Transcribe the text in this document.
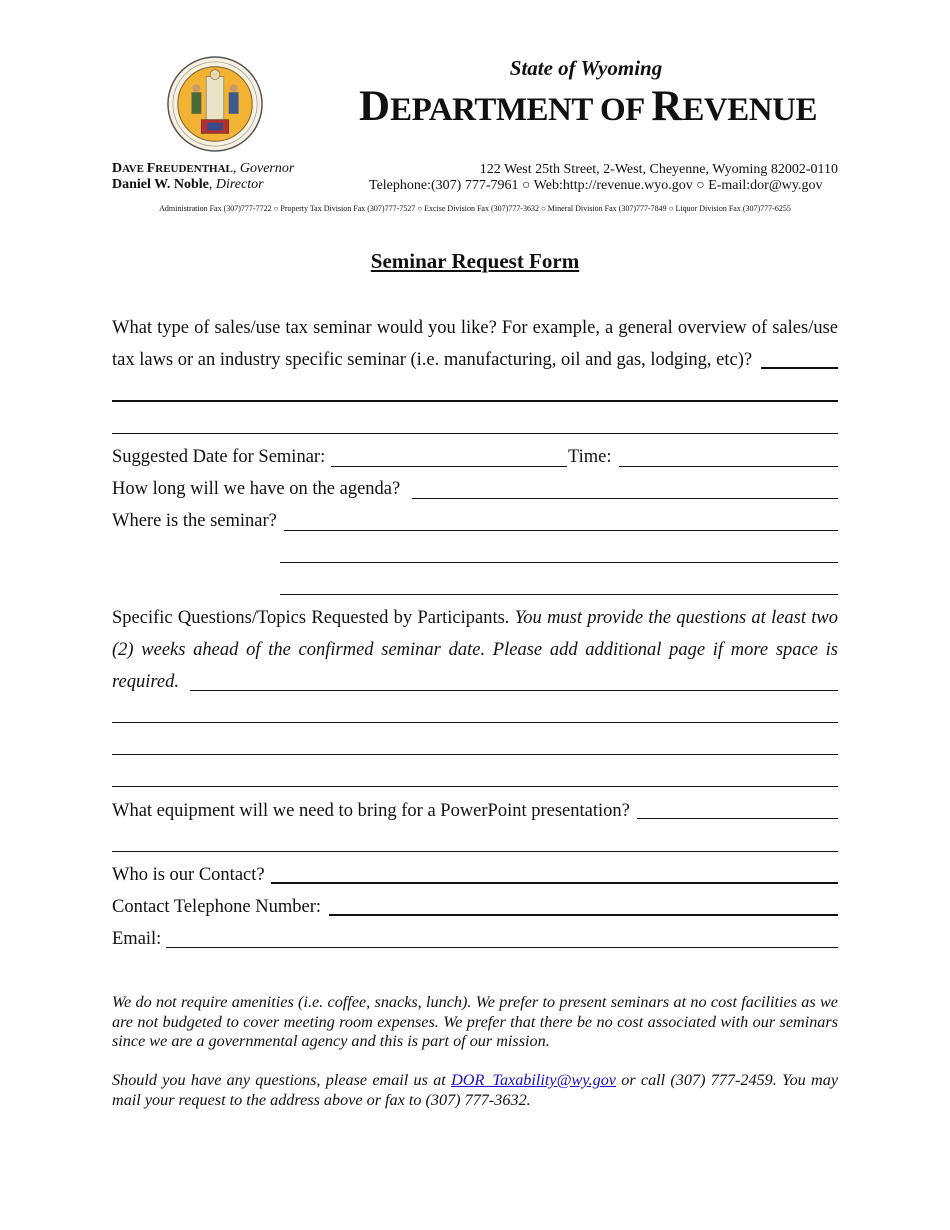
State of Wyoming
DEPARTMENT OF REVENUE
DAVE FREUDENTHAL, Governor
Daniel W. Noble, Director
122 West 25th Street, 2-West, Cheyenne, Wyoming 82002-0110
Telephone:(307) 777-7961 ○ Web:http://revenue.wyo.gov ○ E-mail:dor@wy.gov
Administration Fax (307)777-7722 ○ Property Tax Division Fax (307)777-7527 ○ Excise Division Fax (307)777-3632 ○ Mineral Division Fax (307)777-7849 ○ Liquor Division Fax (307)777-6255
Seminar Request Form
What type of sales/use tax seminar would you like? For example, a general overview of sales/use tax laws or an industry specific seminar (i.e. manufacturing, oil and gas, lodging, etc)?
Suggested Date for Seminar:	Time:
How long will we have on the agenda?
Where is the seminar?
Specific Questions/Topics Requested by Participants. You must provide the questions at least two (2) weeks ahead of the confirmed seminar date. Please add additional page if more space is required.
What equipment will we need to bring for a PowerPoint presentation?
Who is our Contact?
Contact Telephone Number:
Email:
We do not require amenities (i.e. coffee, snacks, lunch). We prefer to present seminars at no cost facilities as we are not budgeted to cover meeting room expenses. We prefer that there be no cost associated with our seminars since we are a governmental agency and this is part of our mission.
Should you have any questions, please email us at DOR_Taxability@wy.gov or call (307) 777-2459. You may mail your request to the address above or fax to (307) 777-3632.
